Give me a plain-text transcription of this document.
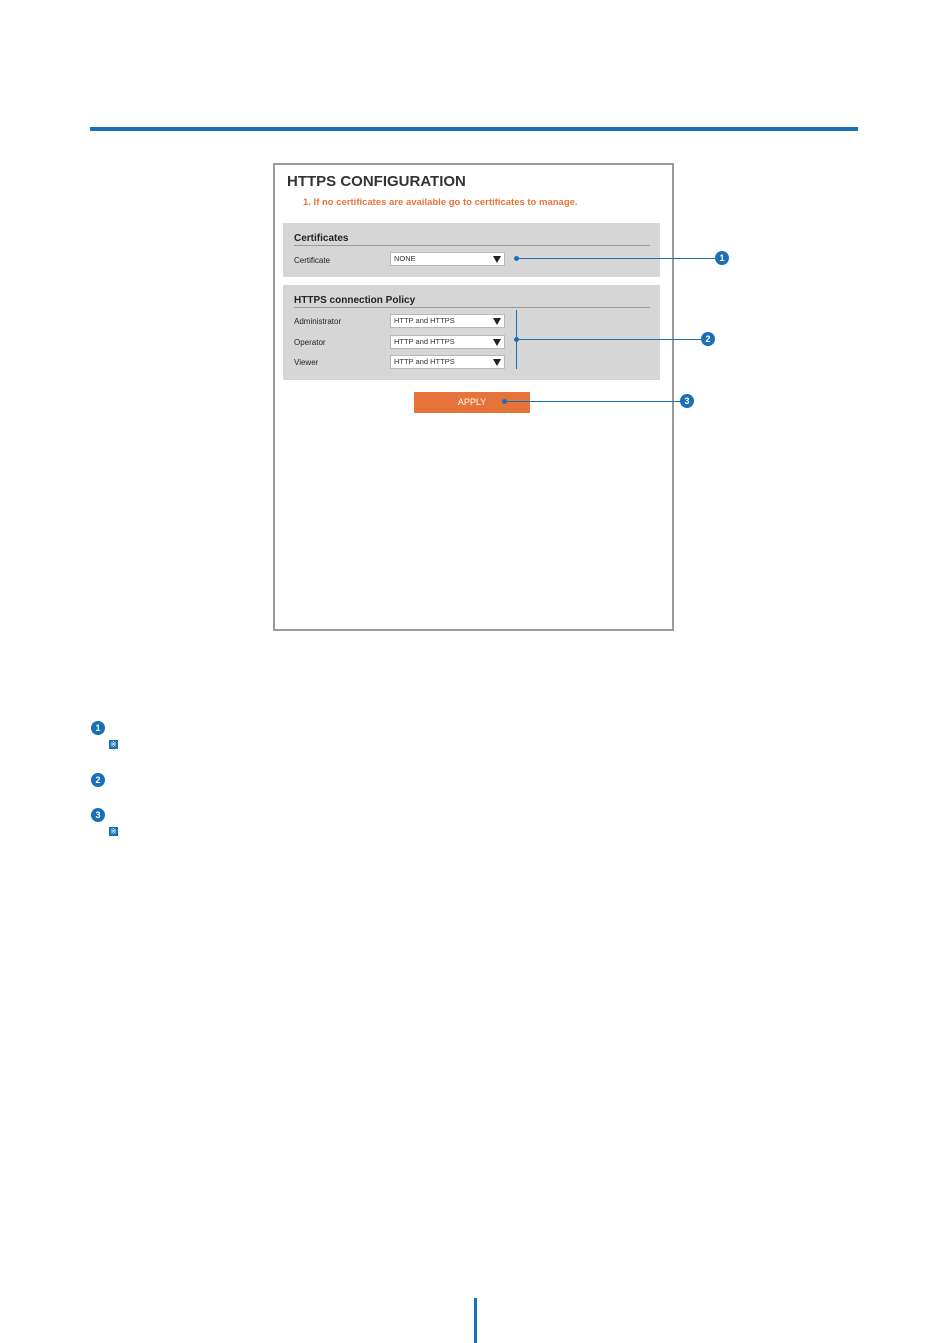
HTTPS CONFIGURATION
1. If no certificates are available go to certificates to manage.
Certificates
Certificate	NONE
HTTPS connection Policy
Administrator	HTTP and HTTPS
Operator	HTTP and HTTPS
Viewer	HTTP and HTTPS
APPLY
1
2
3
1
※
2
3
※
